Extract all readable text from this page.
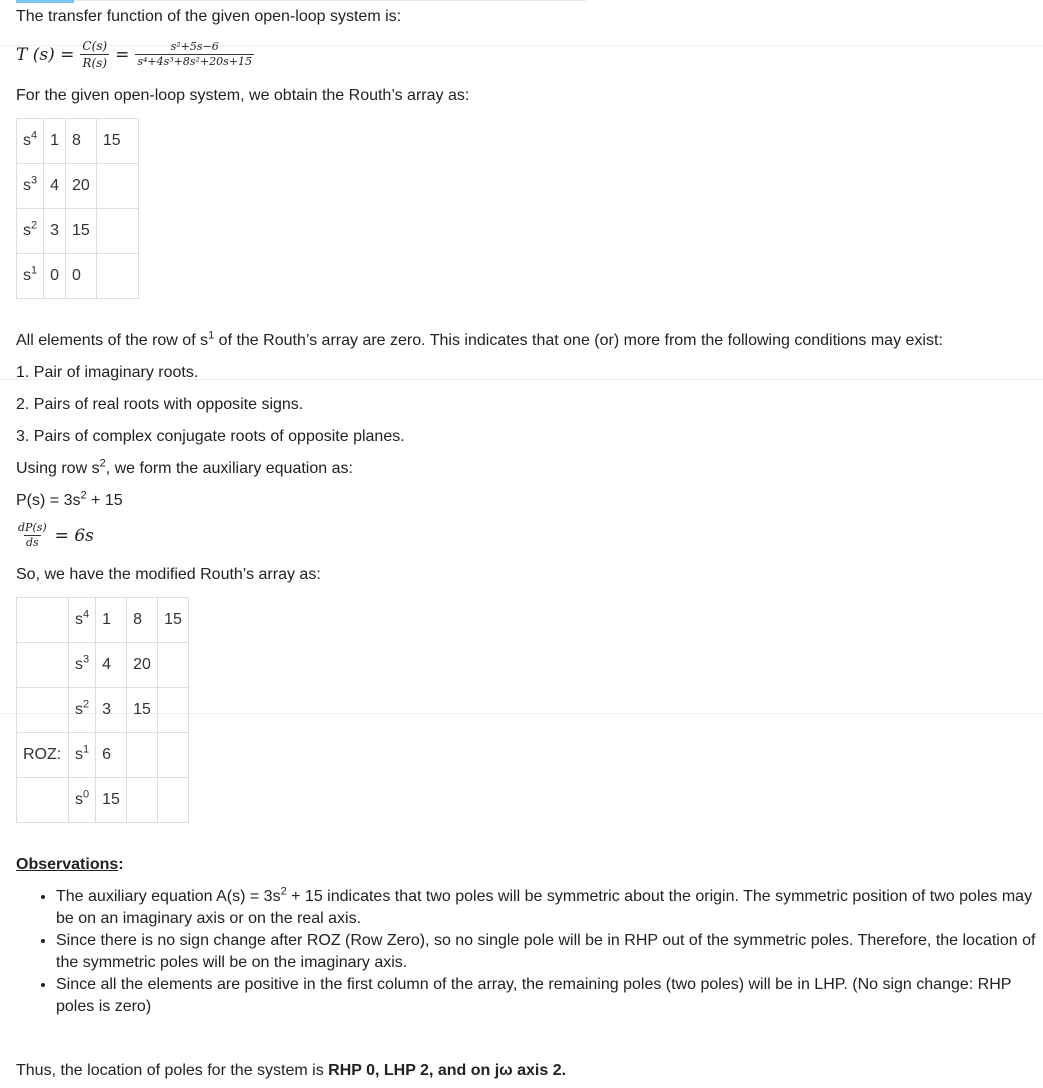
The transfer function of the given open-loop system is:

T $(s) = \frac{C(s)}{R(s)} = \frac{\text{s²+5s−6}}{\text{s⁴+4s³+8s²+20s+15}}$

For the given open-loop system, we obtain the Routh’s array as:

$s^4$	1	8	15
$s^3$	4	20	
$s^2$	3	15	
$s^1$	0	0	

All elements of the row of $s^1$ of the Routh’s array are zero. This indicates that one (or) more from the following conditions may exist:

1. Pair of imaginary roots.

2. Pairs of real roots with opposite signs.

3. Pairs of complex conjugate roots of opposite planes.

Using row $s^2$, we form the auxiliary equation as:

$P(s) = 3s^2 + 15$

$\frac{dP(s)}{ds} = 6s$

So, we have the modified Routh’s array as:

	$s^4$	1	8	15
	$s^3$	4	20	
	$s^2$	3	15	
ROZ:	$s^1$	6		
	$s^0$	15		

Observations:

• The auxiliary equation $A(s) = 3s^2 + 15$ indicates that two poles will be symmetric about the origin. The symmetric position of two poles may be on an imaginary axis or on the real axis.
• Since there is no sign change after ROZ (Row Zero), so no single pole will be in RHP out of the symmetric poles. Therefore, the location of the symmetric poles will be on the imaginary axis.
• Since all the elements are positive in the first column of the array, the remaining poles (two poles) will be in LHP. (No sign change: RHP poles is zero)

Thus, the location of poles for the system is RHP 0, LHP 2, and on jω axis 2.
